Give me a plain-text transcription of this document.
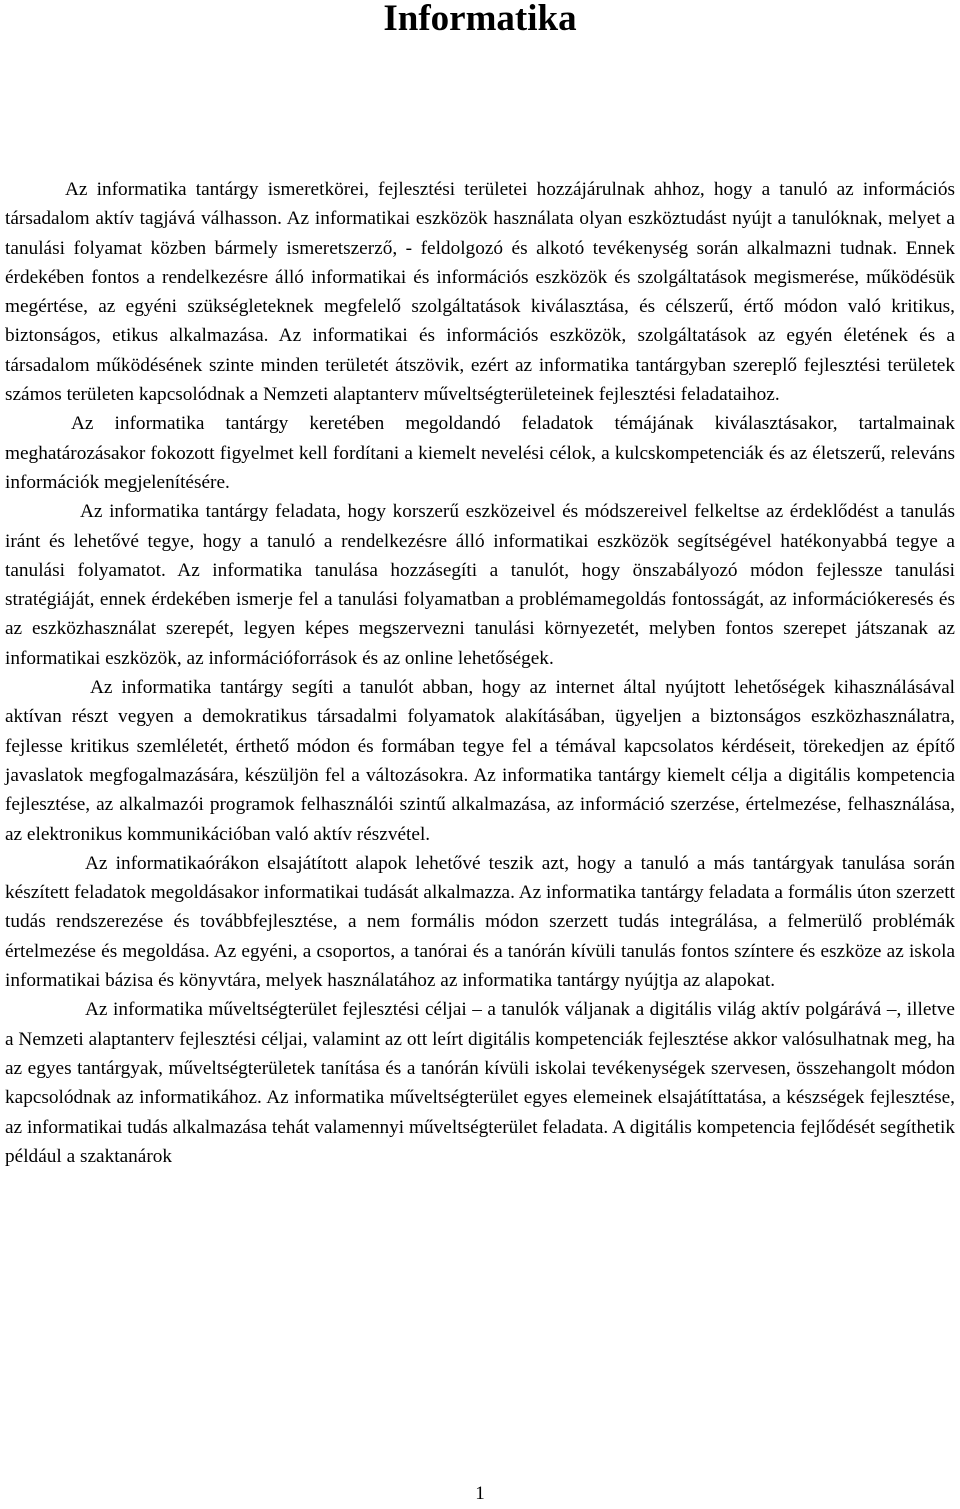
Informatika

Az informatika tantárgy ismeretkörei, fejlesztési területei hozzájárulnak ahhoz, hogy a tanuló az információs társadalom aktív tagjává válhasson. Az informatikai eszközök használata olyan eszköztudást nyújt a tanulóknak, melyet a tanulási folyamat közben bármely ismeretszerző, - feldolgozó és alkotó tevékenység során alkalmazni tudnak. Ennek érdekében fontos a rendelkezésre álló informatikai és információs eszközök és szolgáltatások megismerése, működésük megértése, az egyéni szükségleteknek megfelelő szolgáltatások kiválasztása, és célszerű, értő módon való kritikus, biztonságos, etikus alkalmazása. Az informatikai és információs eszközök, szolgáltatások az egyén életének és a társadalom működésének szinte minden területét átszövik, ezért az informatika tantárgyban szereplő fejlesztési területek számos területen kapcsolódnak a Nemzeti alaptanterv műveltségterületeinek fejlesztési feladataihoz.

Az informatika tantárgy keretében megoldandó feladatok témájának kiválasztásakor, tartalmainak meghatározásakor fokozott figyelmet kell fordítani a kiemelt nevelési célok, a kulcskompetenciák és az életszerű, releváns információk megjelenítésére.

Az informatika tantárgy feladata, hogy korszerű eszközeivel és módszereivel felkeltse az érdeklődést a tanulás iránt és lehetővé tegye, hogy a tanuló a rendelkezésre álló informatikai eszközök segítségével hatékonyabbá tegye a tanulási folyamatot. Az informatika tanulása hozzásegíti a tanulót, hogy önszabályozó módon fejlessze tanulási stratégiáját, ennek érdekében ismerje fel a tanulási folyamatban a problémamegoldás fontosságát, az információkeresés és az eszközhasználat szerepét, legyen képes megszervezni tanulási környezetét, melyben fontos szerepet játszanak az informatikai eszközök, az információforrások és az online lehetőségek.

Az informatika tantárgy segíti a tanulót abban, hogy az internet által nyújtott lehetőségek kihasználásával aktívan részt vegyen a demokratikus társadalmi folyamatok alakításában, ügyeljen a biztonságos eszközhasználatra, fejlesse kritikus szemléletét, érthető módon és formában tegye fel a témával kapcsolatos kérdéseit, törekedjen az építő javaslatok megfogalmazására, készüljön fel a változásokra. Az informatika tantárgy kiemelt célja a digitális kompetencia fejlesztése, az alkalmazói programok felhasználói szintű alkalmazása, az információ szerzése, értelmezése, felhasználása, az elektronikus kommunikációban való aktív részvétel.

Az informatikaórákon elsajátított alapok lehetővé teszik azt, hogy a tanuló a más tantárgyak tanulása során készített feladatok megoldásakor informatikai tudását alkalmazza. Az informatika tantárgy feladata a formális úton szerzett tudás rendszerezése és továbbfejlesztése, a nem formális módon szerzett tudás integrálása, a felmerülő problémák értelmezése és megoldása. Az egyéni, a csoportos, a tanórai és a tanórán kívüli tanulás fontos színtere és eszköze az iskola informatikai bázisa és könyvtára, melyek használatához az informatika tantárgy nyújtja az alapokat.

Az informatika műveltségterület fejlesztési céljai – a tanulók váljanak a digitális világ aktív polgárává –, illetve a Nemzeti alaptanterv fejlesztési céljai, valamint az ott leírt digitális kompetenciák fejlesztése akkor valósulhatnak meg, ha az egyes tantárgyak, műveltségterületek tanítása és a tanórán kívüli iskolai tevékenységek szervesen, összehangolt módon kapcsolódnak az informatikához. Az informatika műveltségterület egyes elemeinek elsajátíttatása, a készségek fejlesztése, az informatikai tudás alkalmazása tehát valamennyi műveltségterület feladata. A digitális kompetencia fejlődését segíthetik például a szaktanárok

1
